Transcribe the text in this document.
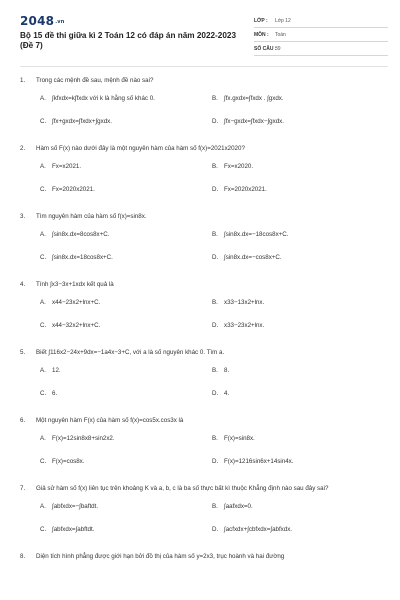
2048.vn
Bộ 15 đề thi giữa kì 2 Toán 12 có đáp án năm 2022-2023 (Đề 7)
LỚP : Lớp 12
MÔN : Toán
SỐ CÂU :
39
1. Trong các mệnh đề sau, mệnh đề nào sai?
A. ∫kfxdx=k∫fxdx với k là hằng số khác 0.	B. ∫fx.gxdx=∫fxdx . ∫gxdx.
C. ∫fx+gxdx=∫fxdx+∫gxdx.	D. ∫fx−gxdx=∫fxdx−∫gxdx.
2. Hàm số F(x) nào dưới đây là một nguyên hàm của hàm số f(x)=2021x2020?
A. Fx=x2021.	B. Fx=x2020.
C. Fx=2020x2021.	D. Fx=2020x2021.
3. Tìm nguyên hàm của hàm số f(x)=sin8x.
A. ∫sin8x.dx=8cos8x+C.	B. ∫sin8x.dx=−18cos8x+C.
C. ∫sin8x.dx=18cos8x+C.	D. ∫sin8x.dx=−cos8x+C.
4. Tính ∫x3−3x+1xdx kết quả là
A. x44−23x2+lnx+C.	B. x33−13x2+lnx.
C. x44−32x2+lnx+C.	D. x33−23x2+lnx.
5. Biết ∫116x2−24x+9dx=−1a4x−3+C, với a là số nguyên khác 0. Tìm a.
A. 12.	B. 8.
C. 6.	D. 4.
6. Một nguyên hàm F(x) của hàm số f(x)=cos5x.cos3x là
A. F(x)=12sin8x8+sin2x2.	B. F(x)=sin8x.
C. F(x)=cos8x.	D. F(x)=1216sin6x+14sin4x.
7. Giả sử hàm số f(x) liên tục trên khoảng K và a, b, c là ba số thực bất kì thuộc Khẳng định nào sau đây sai?
A. ∫abfxdx=−∫baftdt.	B. ∫aafxdx=0.
C. ∫abfxdx=∫abftdt.	D. ∫acfxdx+∫cbfxdx=∫abfxdx.
8. Diện tích hình phẳng được giới hạn bởi đồ thị của hàm số y=2x3, trục hoành và hai đường
